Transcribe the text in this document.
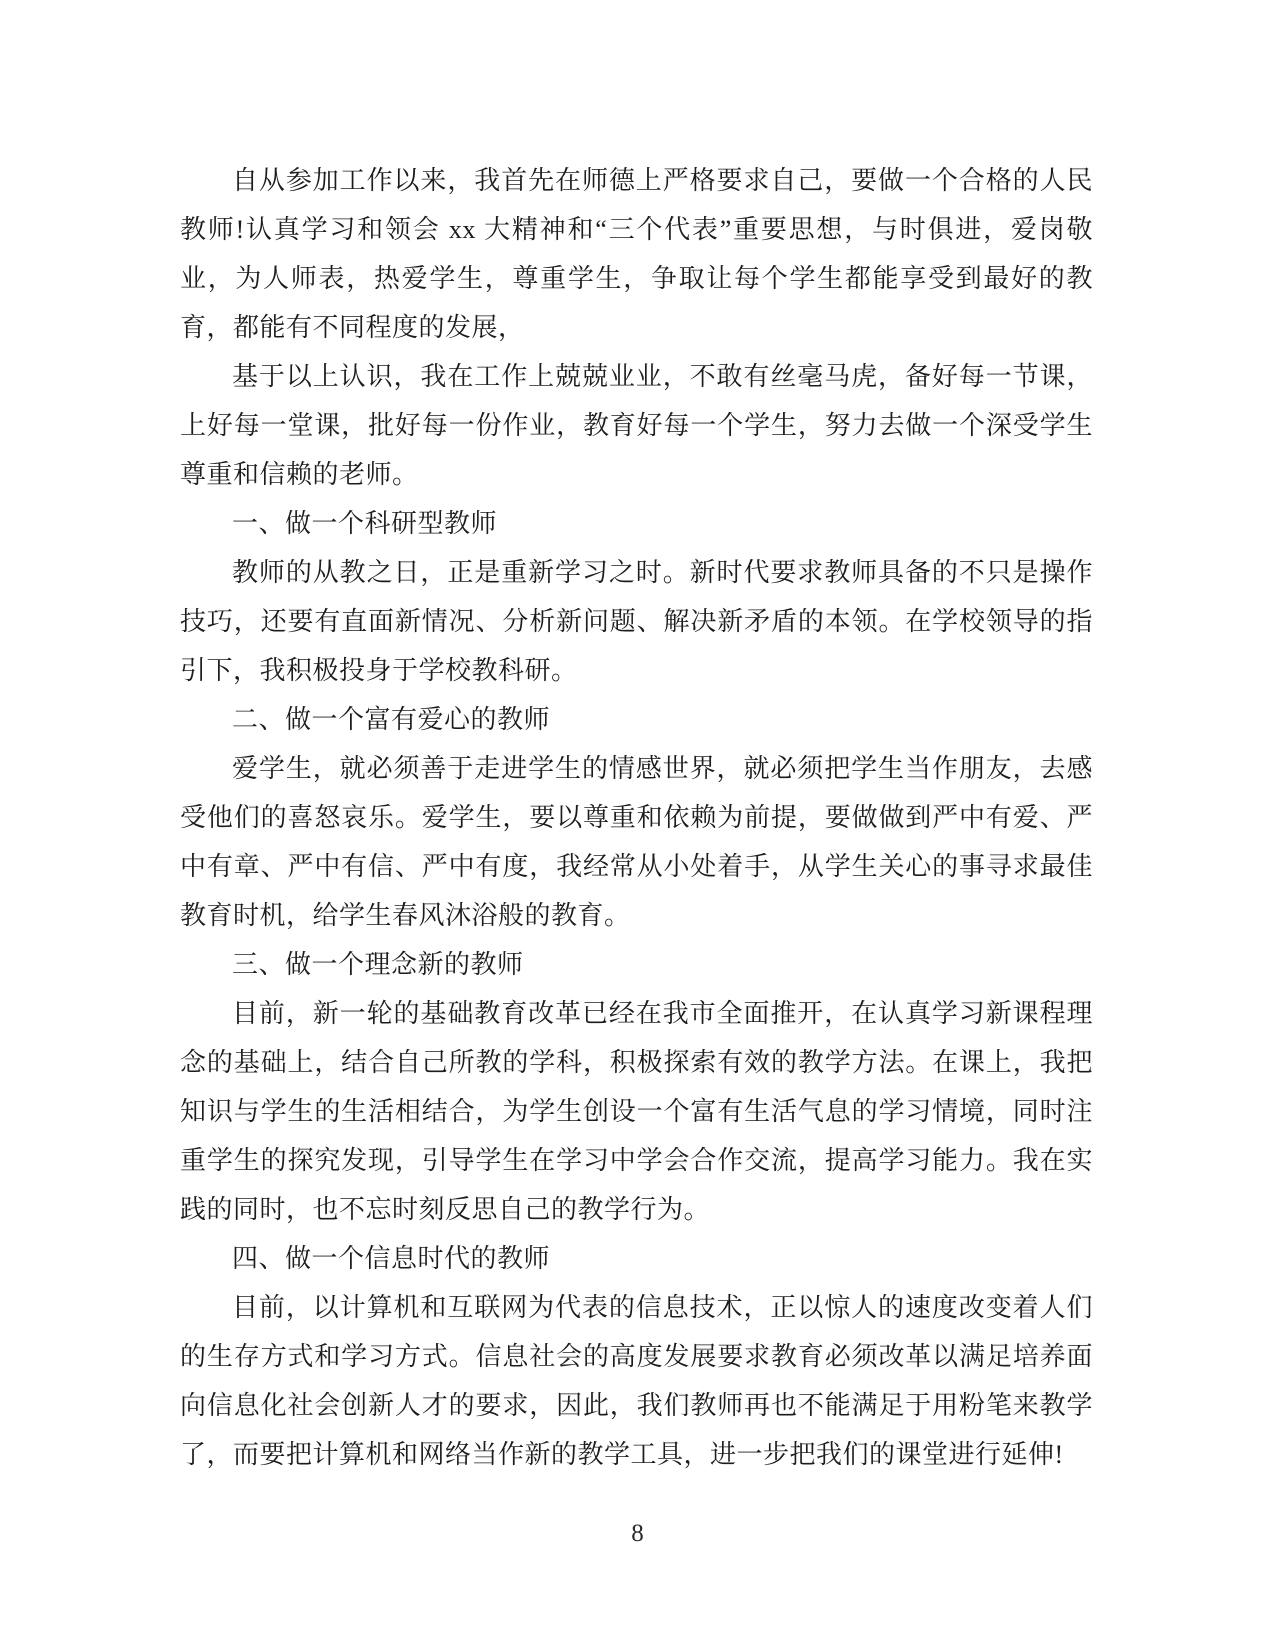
自从参加工作以来，我首先在师德上严格要求自己，要做一个合格的人民教师!认真学习和领会 xx 大精神和“三个代表”重要思想，与时俱进，爱岗敬业，为人师表，热爱学生，尊重学生，争取让每个学生都能享受到最好的教育，都能有不同程度的发展，

基于以上认识，我在工作上兢兢业业，不敢有丝毫马虎，备好每一节课，上好每一堂课，批好每一份作业，教育好每一个学生，努力去做一个深受学生尊重和信赖的老师。

一、做一个科研型教师

教师的从教之日，正是重新学习之时。新时代要求教师具备的不只是操作技巧，还要有直面新情况、分析新问题、解决新矛盾的本领。在学校领导的指引下，我积极投身于学校教科研。

二、做一个富有爱心的教师

爱学生，就必须善于走进学生的情感世界，就必须把学生当作朋友，去感受他们的喜怒哀乐。爱学生，要以尊重和依赖为前提，要做做到严中有爱、严中有章、严中有信、严中有度，我经常从小处着手，从学生关心的事寻求最佳教育时机，给学生春风沐浴般的教育。

三、做一个理念新的教师

目前，新一轮的基础教育改革已经在我市全面推开，在认真学习新课程理念的基础上，结合自己所教的学科，积极探索有效的教学方法。在课上，我把知识与学生的生活相结合，为学生创设一个富有生活气息的学习情境，同时注重学生的探究发现，引导学生在学习中学会合作交流，提高学习能力。我在实践的同时，也不忘时刻反思自己的教学行为。

四、做一个信息时代的教师

目前，以计算机和互联网为代表的信息技术，正以惊人的速度改变着人们的生存方式和学习方式。信息社会的高度发展要求教育必须改革以满足培养面向信息化社会创新人才的要求，因此，我们教师再也不能满足于用粉笔来教学了，而要把计算机和网络当作新的教学工具，进一步把我们的课堂进行延伸!

8
